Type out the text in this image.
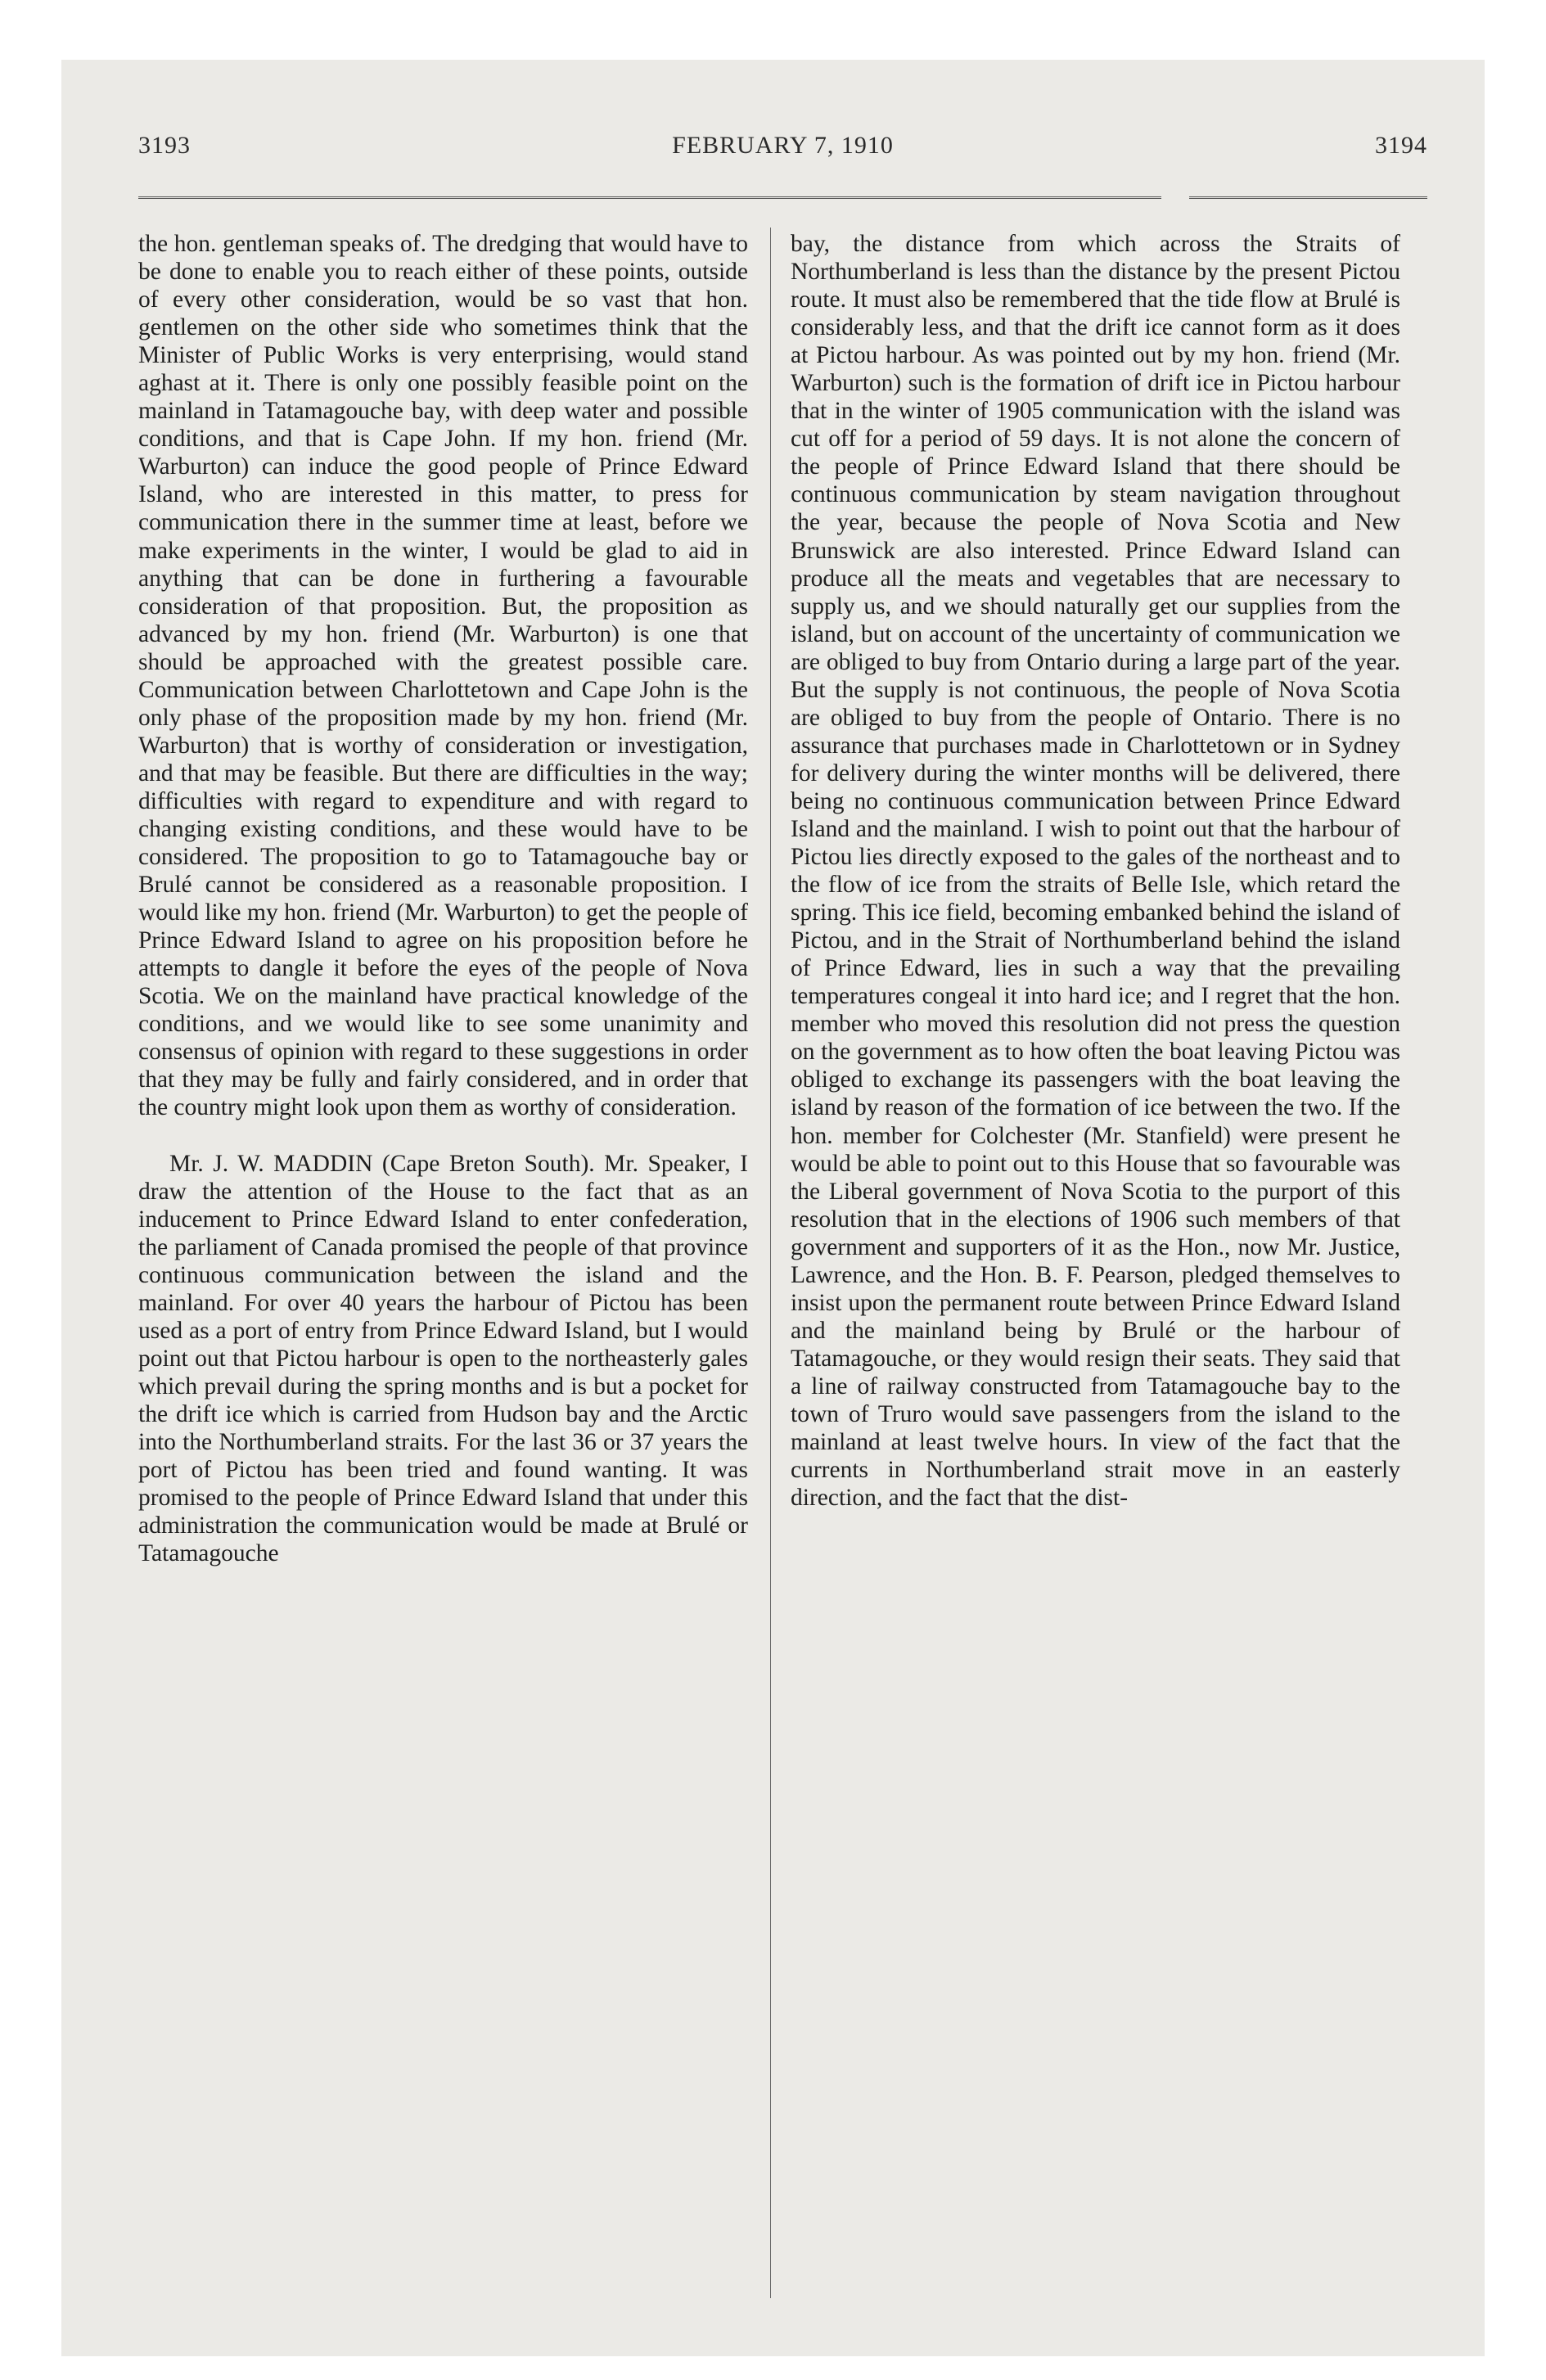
3193	FEBRUARY 7, 1910	3194

the hon. gentleman speaks of. The dredging that would have to be done to enable you to reach either of these points, outside of every other consideration, would be so vast that hon. gentlemen on the other side who sometimes think that the Minister of Public Works is very enterprising, would stand aghast at it. There is only one possibly feasible point on the mainland in Tatamagouche bay, with deep water and possible conditions, and that is Cape John. If my hon. friend (Mr. Warburton) can induce the good people of Prince Edward Island, who are interested in this matter, to press for communication there in the summer time at least, before we make experiments in the winter, I would be glad to aid in anything that can be done in furthering a favourable consideration of that proposition. But, the proposition as advanced by my hon. friend (Mr. Warburton) is one that should be approached with the greatest possible care. Communication between Charlottetown and Cape John is the only phase of the proposition made by my hon. friend (Mr. Warburton) that is worthy of consideration or investigation, and that may be feasible. But there are difficulties in the way; difficulties with regard to expenditure and with regard to changing existing conditions, and these would have to be considered. The proposition to go to Tatamagouche bay or Brulé cannot be considered as a reasonable proposition. I would like my hon. friend (Mr. Warburton) to get the people of Prince Edward Island to agree on his proposition before he attempts to dangle it before the eyes of the people of Nova Scotia. We on the mainland have practical knowledge of the conditions, and we would like to see some unanimity and consensus of opinion with regard to these suggestions in order that they may be fully and fairly considered, and in order that the country might look upon them as worthy of consideration.

Mr. J. W. MADDIN (Cape Breton South). Mr. Speaker, I draw the attention of the House to the fact that as an inducement to Prince Edward Island to enter confederation, the parliament of Canada promised the people of that province continuous communication between the island and the mainland. For over 40 years the harbour of Pictou has been used as a port of entry from Prince Edward Island, but I would point out that Pictou harbour is open to the northeasterly gales which prevail during the spring months and is but a pocket for the drift ice which is carried from Hudson bay and the Arctic into the Northumberland straits. For the last 36 or 37 years the port of Pictou has been tried and found wanting. It was promised to the people of Prince Edward Island that under this administration the communication would be made at Brulé or Tatamagouche

bay, the distance from which across the Straits of Northumberland is less than the distance by the present Pictou route. It must also be remembered that the tide flow at Brulé is considerably less, and that the drift ice cannot form as it does at Pictou harbour. As was pointed out by my hon. friend (Mr. Warburton) such is the formation of drift ice in Pictou harbour that in the winter of 1905 communication with the island was cut off for a period of 59 days. It is not alone the concern of the people of Prince Edward Island that there should be continuous communication by steam navigation throughout the year, because the people of Nova Scotia and New Brunswick are also interested. Prince Edward Island can produce all the meats and vegetables that are necessary to supply us, and we should naturally get our supplies from the island, but on account of the uncertainty of communication we are obliged to buy from Ontario during a large part of the year. But the supply is not continuous, the people of Nova Scotia are obliged to buy from the people of Ontario. There is no assurance that purchases made in Charlottetown or in Sydney for delivery during the winter months will be delivered, there being no continuous communication between Prince Edward Island and the mainland. I wish to point out that the harbour of Pictou lies directly exposed to the gales of the northeast and to the flow of ice from the straits of Belle Isle, which retard the spring. This ice field, becoming embanked behind the island of Pictou, and in the Strait of Northumberland behind the island of Prince Edward, lies in such a way that the prevailing temperatures congeal it into hard ice; and I regret that the hon. member who moved this resolution did not press the question on the government as to how often the boat leaving Pictou was obliged to exchange its passengers with the boat leaving the island by reason of the formation of ice between the two. If the hon. member for Colchester (Mr. Stanfield) were present he would be able to point out to this House that so favourable was the Liberal government of Nova Scotia to the purport of this resolution that in the elections of 1906 such members of that government and supporters of it as the Hon., now Mr. Justice, Lawrence, and the Hon. B. F. Pearson, pledged themselves to insist upon the permanent route between Prince Edward Island and the mainland being by Brulé or the harbour of Tatamagouche, or they would resign their seats. They said that a line of railway constructed from Tatamagouche bay to the town of Truro would save passengers from the island to the mainland at least twelve hours. In view of the fact that the currents in Northumberland strait move in an easterly direction, and the fact that the dist-
